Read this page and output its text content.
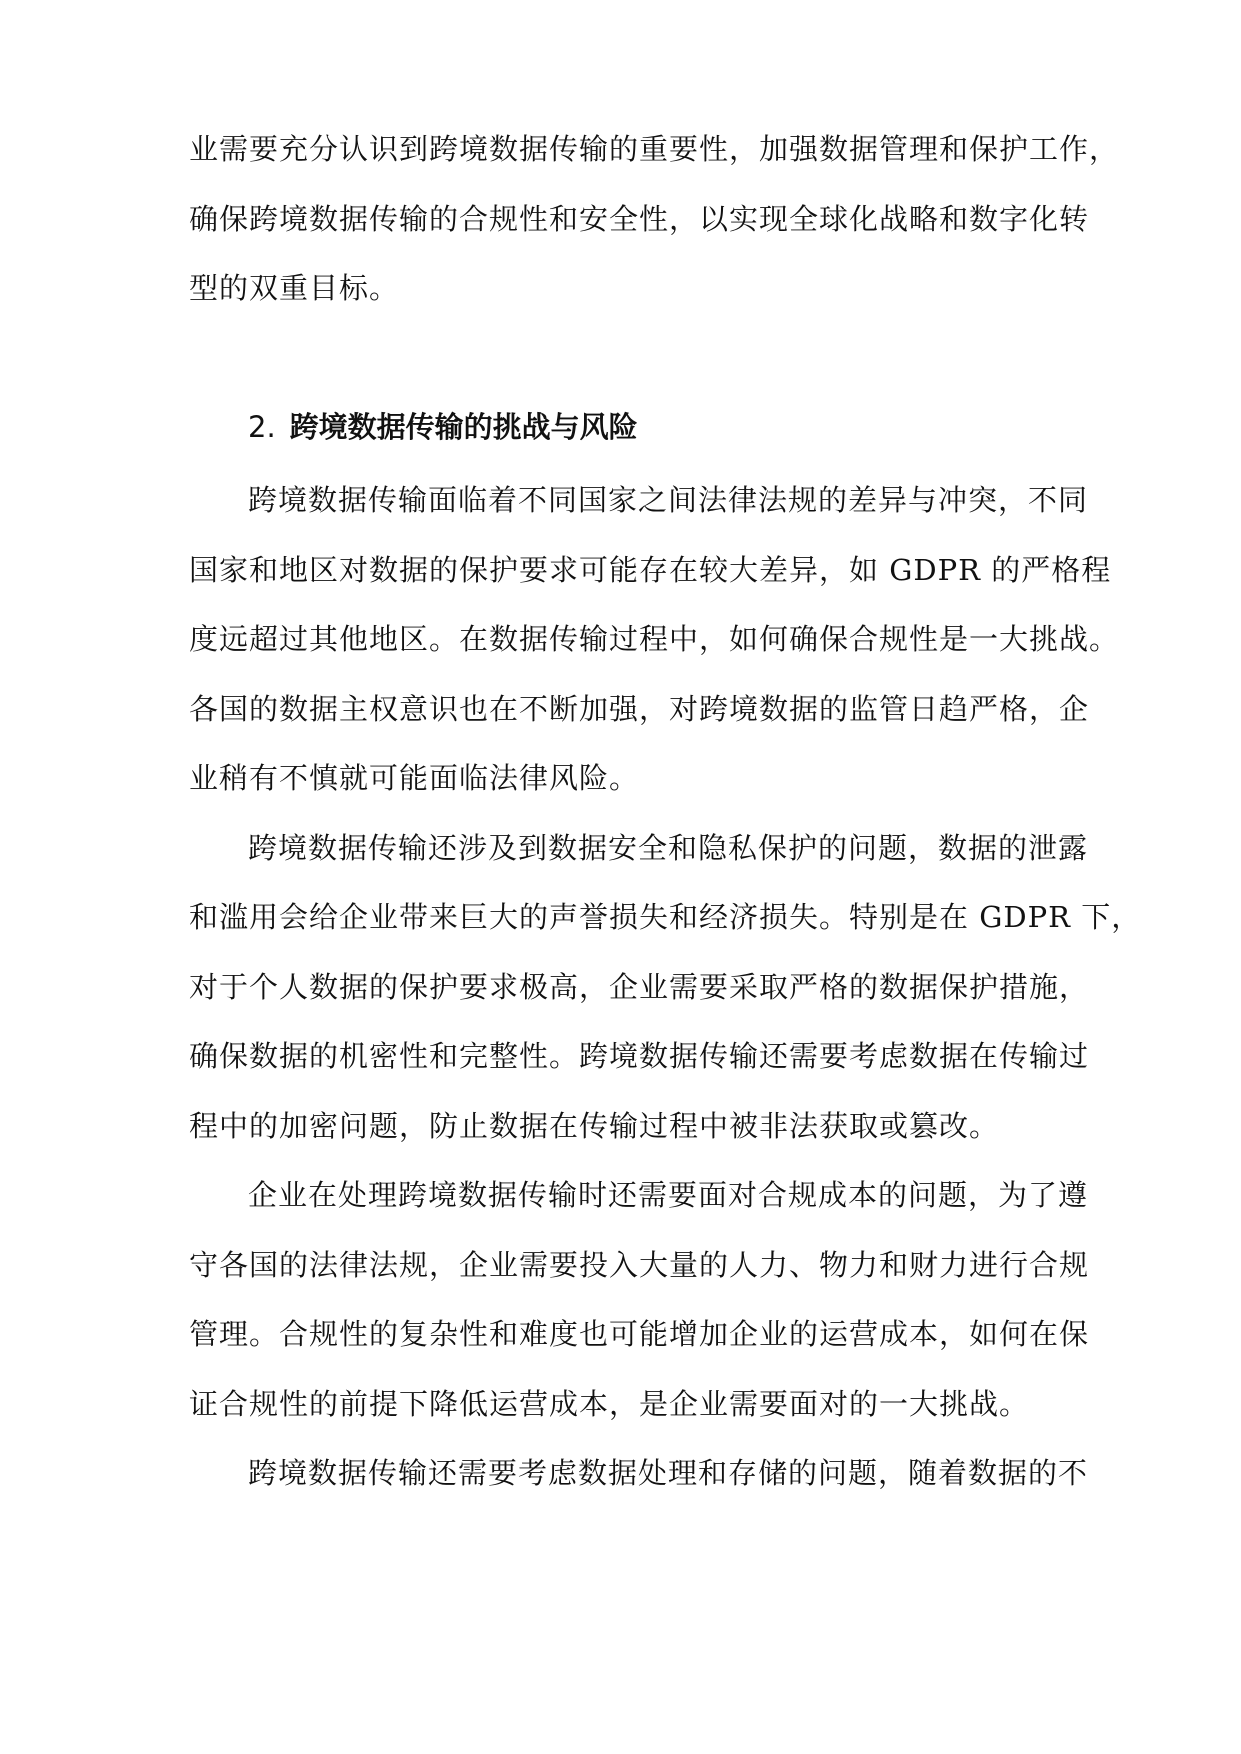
业需要充分认识到跨境数据传输的重要性，加强数据管理和保护工作，
确保跨境数据传输的合规性和安全性，以实现全球化战略和数字化转
型的双重目标。
2. 跨境数据传输的挑战与风险
跨境数据传输面临着不同国家之间法律法规的差异与冲突，不同
国家和地区对数据的保护要求可能存在较大差异，如 GDPR 的严格程
度远超过其他地区。在数据传输过程中，如何确保合规性是一大挑战。
各国的数据主权意识也在不断加强，对跨境数据的监管日趋严格，企
业稍有不慎就可能面临法律风险。
跨境数据传输还涉及到数据安全和隐私保护的问题，数据的泄露
和滥用会给企业带来巨大的声誉损失和经济损失。特别是在 GDPR 下，
对于个人数据的保护要求极高，企业需要采取严格的数据保护措施，
确保数据的机密性和完整性。跨境数据传输还需要考虑数据在传输过
程中的加密问题，防止数据在传输过程中被非法获取或篡改。
企业在处理跨境数据传输时还需要面对合规成本的问题，为了遵
守各国的法律法规，企业需要投入大量的人力、物力和财力进行合规
管理。合规性的复杂性和难度也可能增加企业的运营成本，如何在保
证合规性的前提下降低运营成本，是企业需要面对的一大挑战。
跨境数据传输还需要考虑数据处理和存储的问题，随着数据的不
